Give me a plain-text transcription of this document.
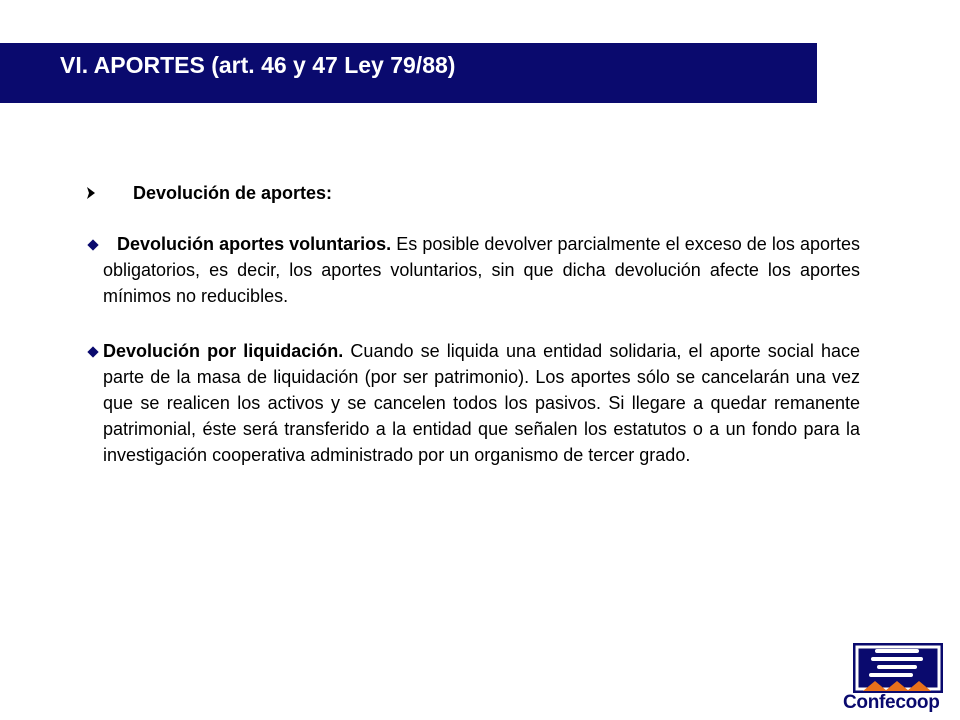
VI. APORTES (art. 46 y 47 Ley 79/88)
Devolución de aportes:
Devolución aportes voluntarios. Es posible devolver parcialmente el exceso de los aportes obligatorios, es decir, los aportes voluntarios, sin que dicha devolución afecte los aportes mínimos no reducibles.
Devolución por liquidación. Cuando se liquida una entidad solidaria, el aporte social hace parte de la masa de liquidación (por ser patrimonio). Los aportes sólo se cancelarán una vez que se realicen los activos y se cancelen todos los pasivos. Si llegare a quedar remanente patrimonial, éste será transferido a la entidad que señalen los estatutos o a un fondo para la investigación cooperativa administrado por un organismo de tercer grado.
Confecoop
